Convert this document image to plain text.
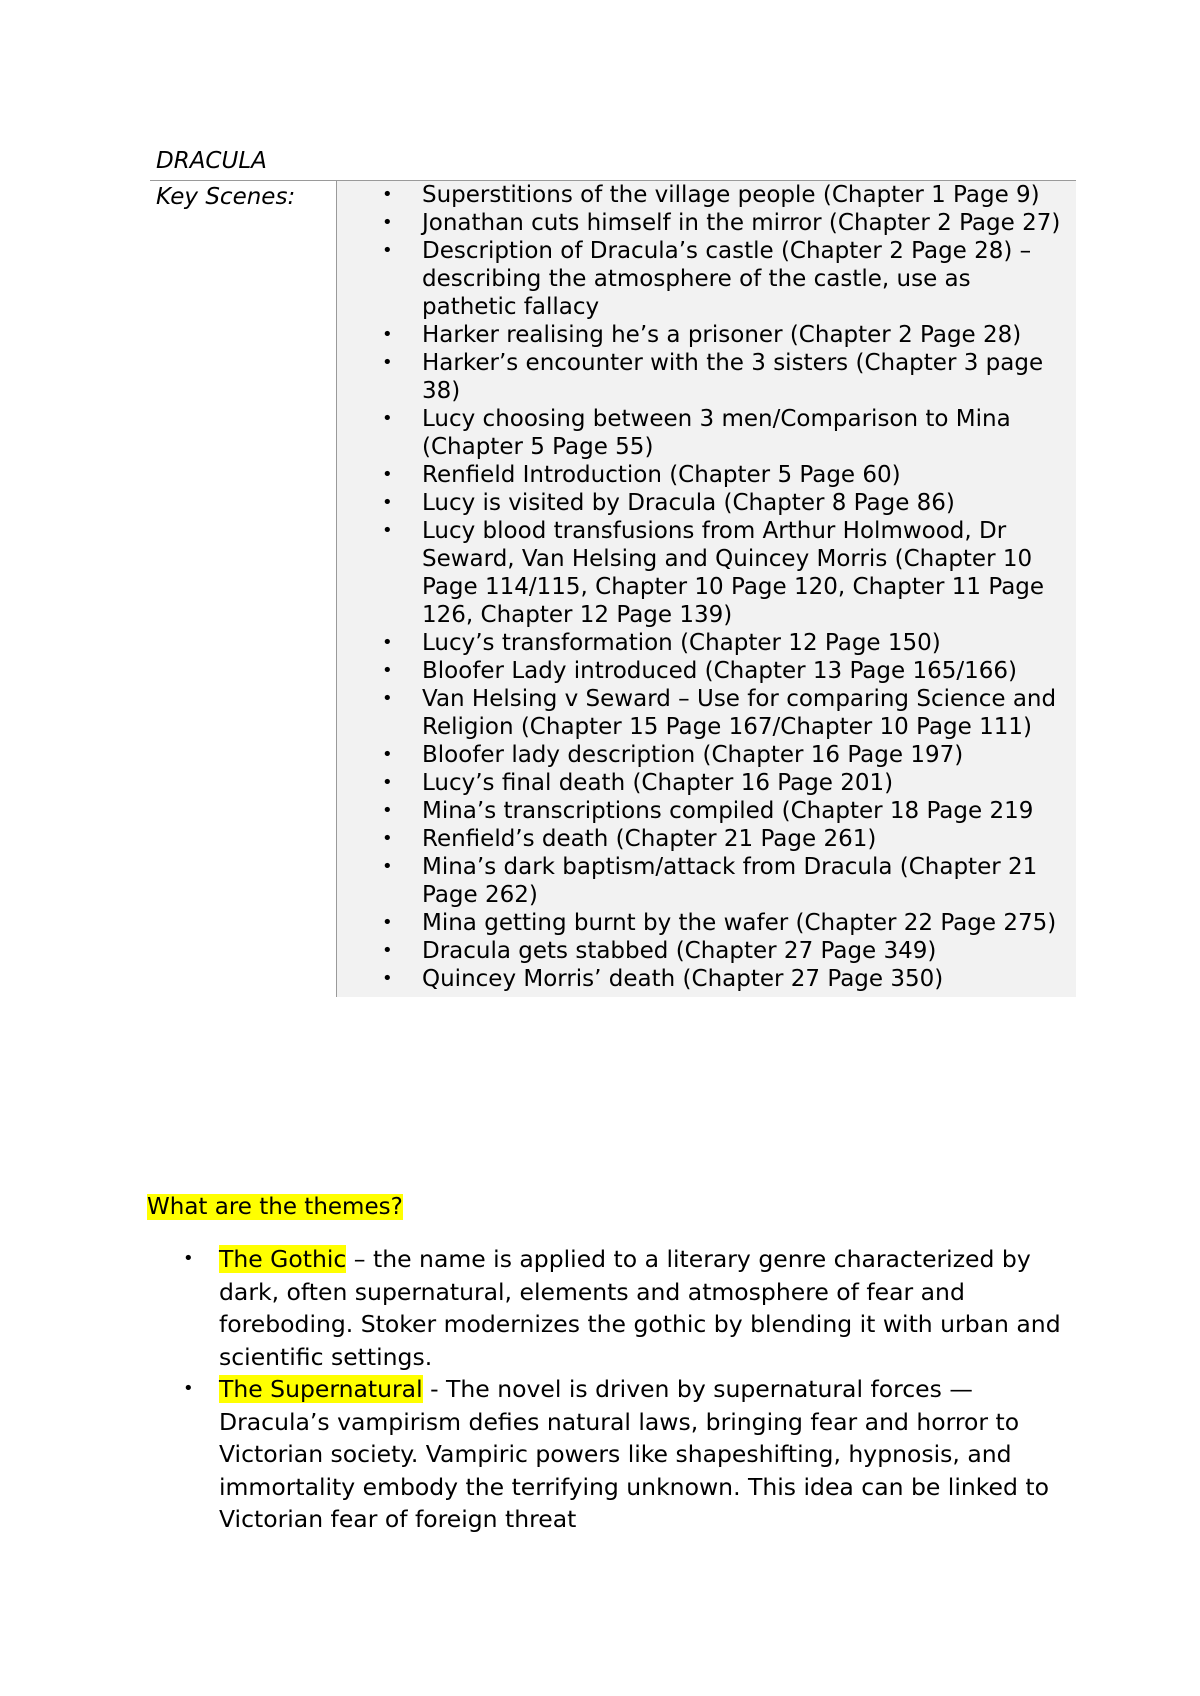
DRACULA
Key Scenes:	• Superstitions of the village people (Chapter 1 Page 9)
• Jonathan cuts himself in the mirror (Chapter 2 Page 27)
• Description of Dracula’s castle (Chapter 2 Page 28) – describing the atmosphere of the castle, use as pathetic fallacy
• Harker realising he’s a prisoner (Chapter 2 Page 28)
• Harker’s encounter with the 3 sisters (Chapter 3 page 38)
• Lucy choosing between 3 men/Comparison to Mina (Chapter 5 Page 55)
• Renfield Introduction (Chapter 5 Page 60)
• Lucy is visited by Dracula (Chapter 8 Page 86)
• Lucy blood transfusions from Arthur Holmwood, Dr Seward, Van Helsing and Quincey Morris (Chapter 10 Page 114/115, Chapter 10 Page 120, Chapter 11 Page 126, Chapter 12 Page 139)
• Lucy’s transformation (Chapter 12 Page 150)
• Bloofer Lady introduced (Chapter 13 Page 165/166)
• Van Helsing v Seward – Use for comparing Science and Religion (Chapter 15 Page 167/Chapter 10 Page 111)
• Bloofer lady description (Chapter 16 Page 197)
• Lucy’s final death (Chapter 16 Page 201)
• Mina’s transcriptions compiled (Chapter 18 Page 219
• Renfield’s death (Chapter 21 Page 261)
• Mina’s dark baptism/attack from Dracula (Chapter 21 Page 262)
• Mina getting burnt by the wafer (Chapter 22 Page 275)
• Dracula gets stabbed (Chapter 27 Page 349)
• Quincey Morris’ death (Chapter 27 Page 350)
What are the themes?
• The Gothic – the name is applied to a literary genre characterized by dark, often supernatural, elements and atmosphere of fear and foreboding. Stoker modernizes the gothic by blending it with urban and scientific settings.
• The Supernatural - The novel is driven by supernatural forces — Dracula’s vampirism defies natural laws, bringing fear and horror to Victorian society. Vampiric powers like shapeshifting, hypnosis, and immortality embody the terrifying unknown. This idea can be linked to Victorian fear of foreign threat
